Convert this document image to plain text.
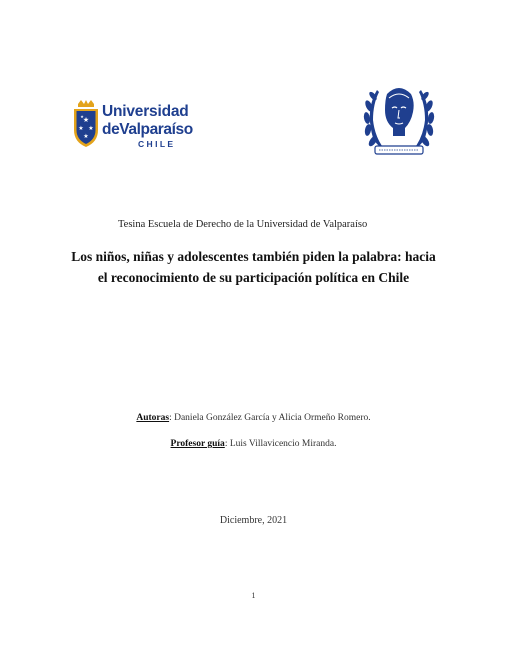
★
★ ★
★
★ Universidad
deValparaíso
CHILE
Tesina Escuela de Derecho de la Universidad de Valparaíso
Los niños, niñas y adolescentes también piden la palabra: hacia
el reconocimiento de su participación política en Chile
Autoras: Daniela González García y Alicia Ormeño Romero.
Profesor guía: Luis Villavicencio Miranda.
Diciembre, 2021
1
